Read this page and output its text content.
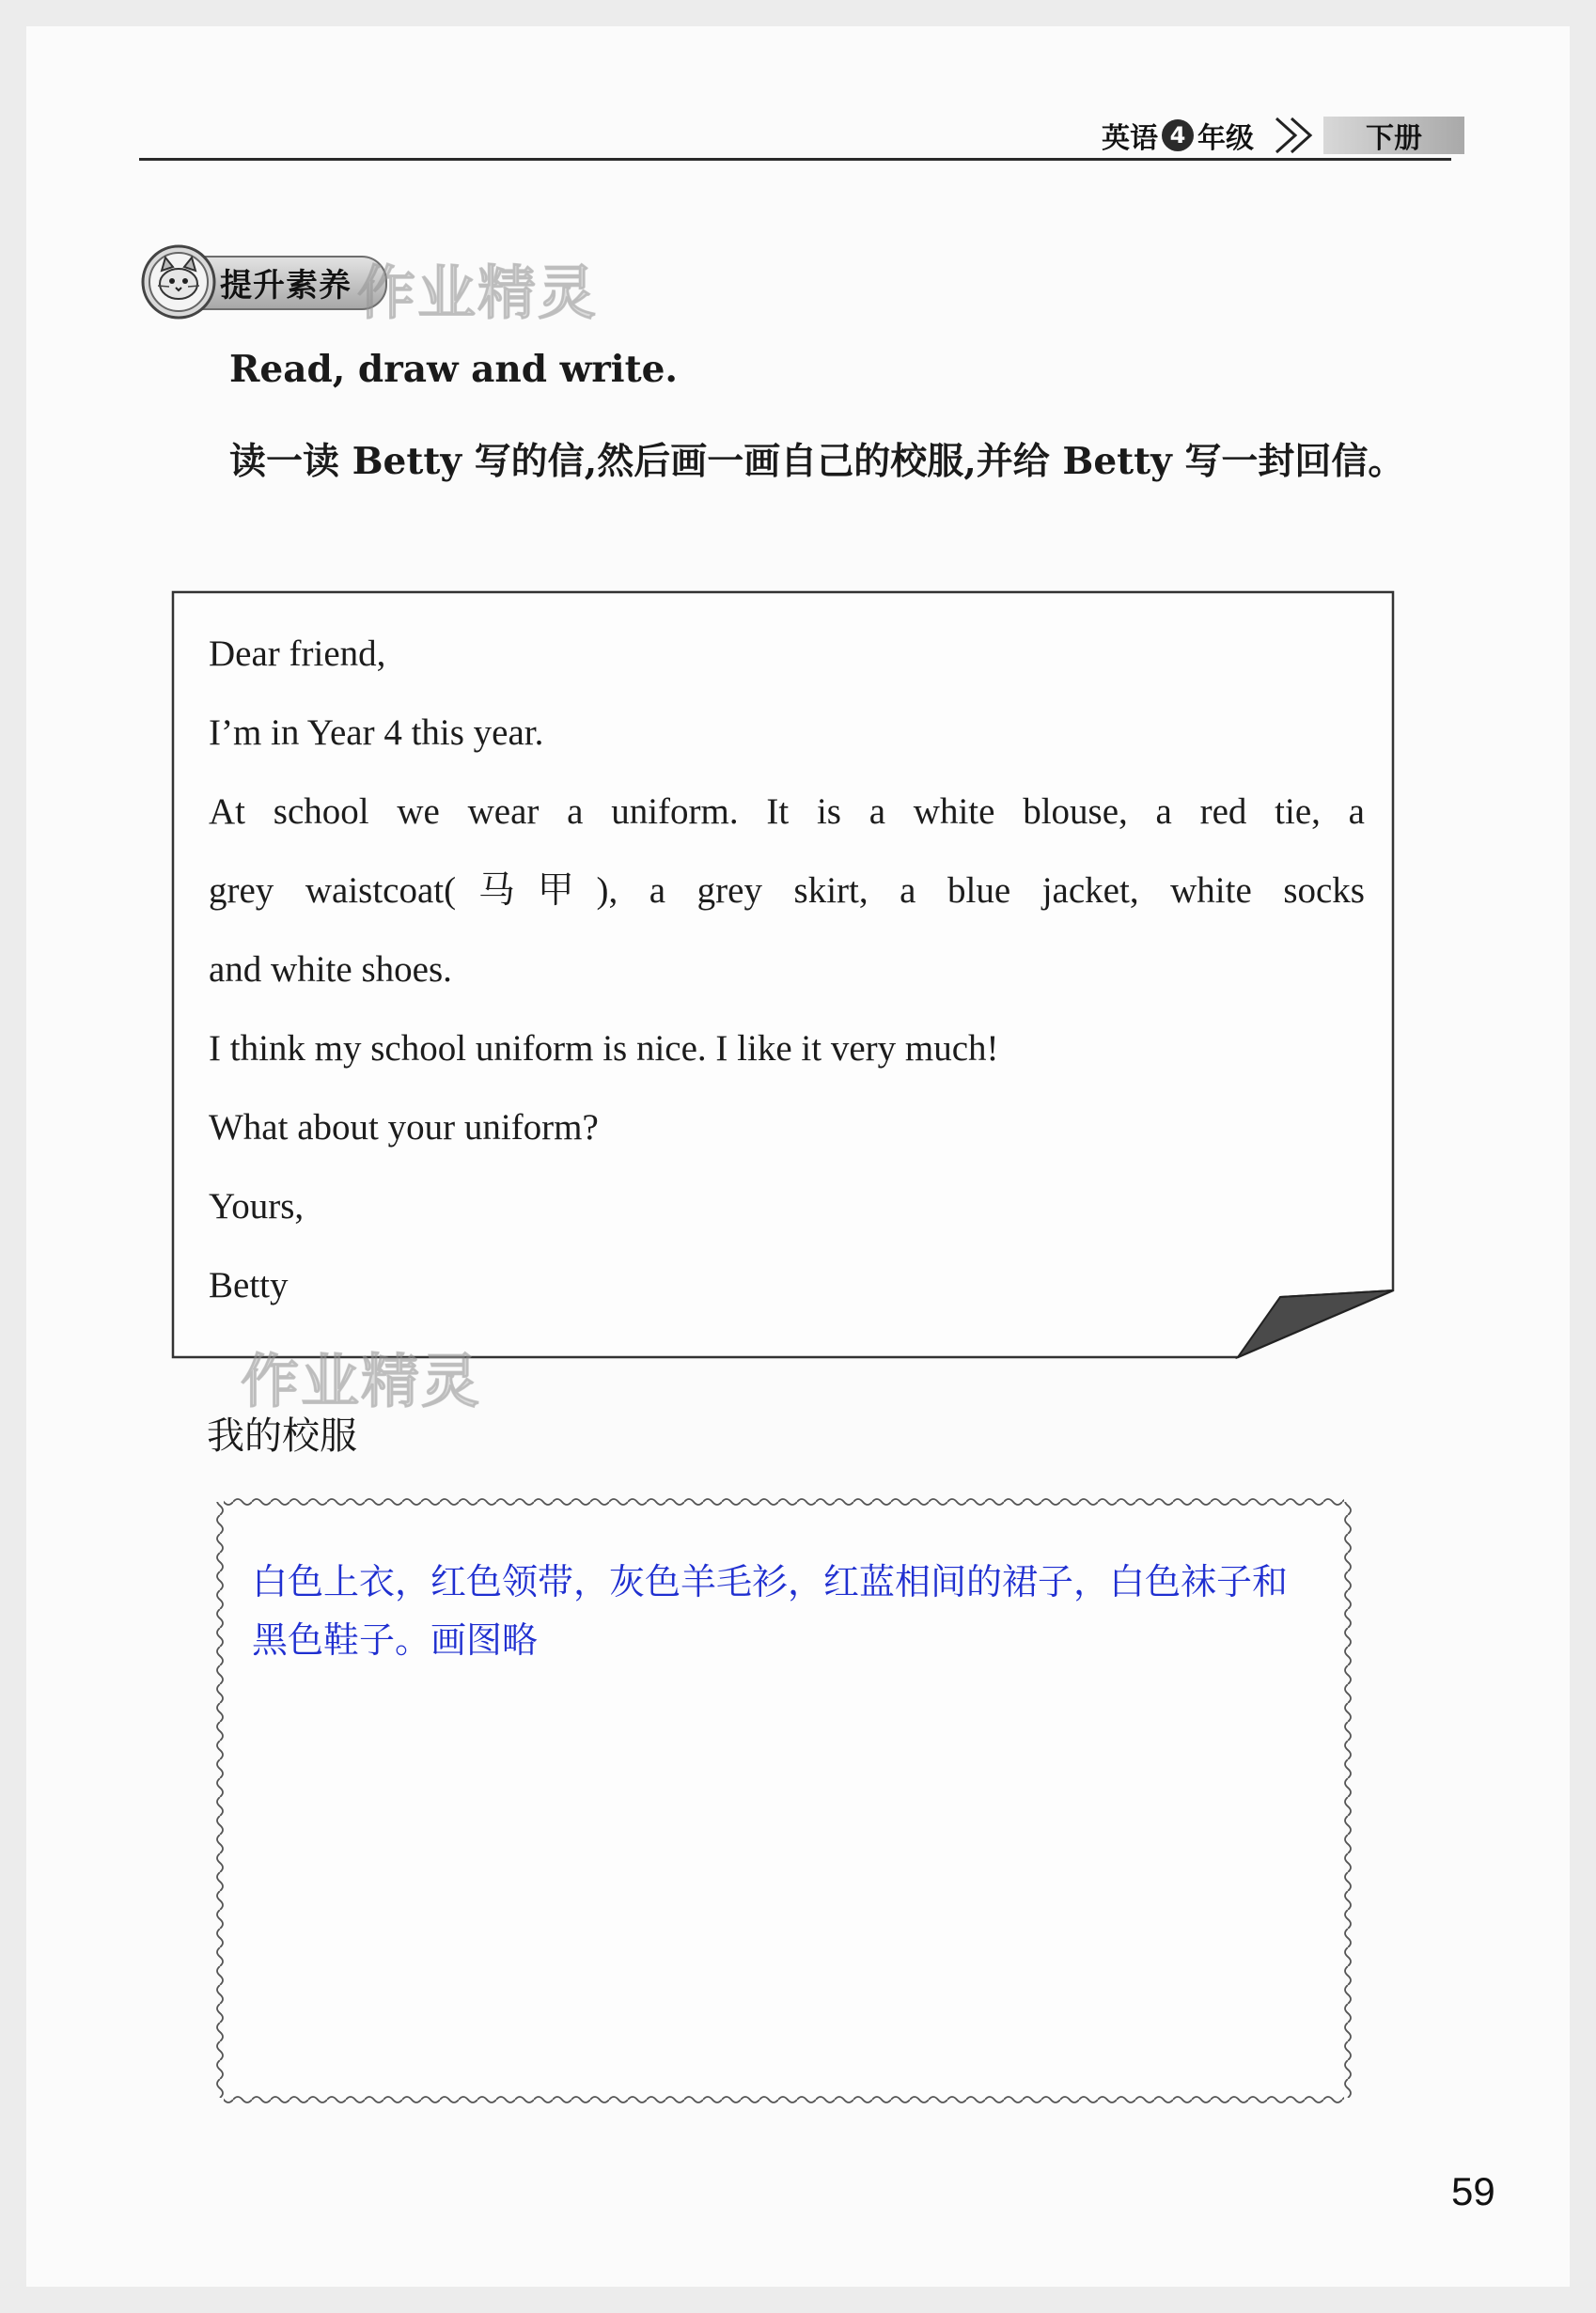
英语 4 年级	下册
提升素养 作业精灵
Read, draw and write.
读一读 Betty 写的信,然后画一画自己的校服,并给 Betty 写一封回信。
Dear friend,
I’m in Year 4 this year.
At school we wear a uniform. It is a white blouse, a red tie, a
grey waistcoat(马甲), a grey skirt, a blue jacket, white socks
and white shoes.
I think my school uniform is nice. I like it very much!
What about your uniform?
Yours,
Betty
作业精灵
我的校服
白色上衣，红色领带，灰色羊毛衫，红蓝相间的裙子，白色袜子和黑色鞋子。画图略
59
